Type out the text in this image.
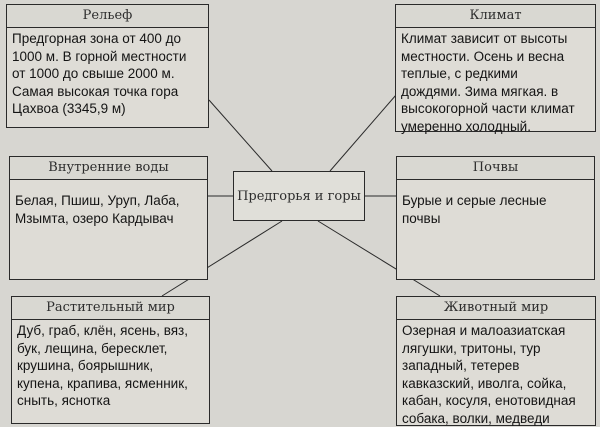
Рельеф
Предгорная зона от 400 до
1000 м. В горной местности
от 1000 до свыше 2000 м.
Самая высокая точка гора
Цахвоа (3345,9 м)
Климат
Климат зависит от высоты
местности. Осень и весна
теплые, с редкими
дождями. Зима мягкая. в
высокогорной части климат
умеренно холодный.
Внутренние воды
Белая, Пшиш, Уруп, Лаба,
Мзымта, озеро Кардывач
Предгорья и горы
Почвы
Бурые и серые лесные
почвы
Растительный мир
Дуб, граб, клён, ясень, вяз,
бук, лещина, бересклет,
крушина, боярышник,
купена, крапива, ясменник,
сныть, яснотка
Животный мир
Озерная и малоазиатская
лягушки, тритоны, тур
западный, тетерев
кавказский, иволга, сойка,
кабан, косуля, енотовидная
собака, волки, медведи
